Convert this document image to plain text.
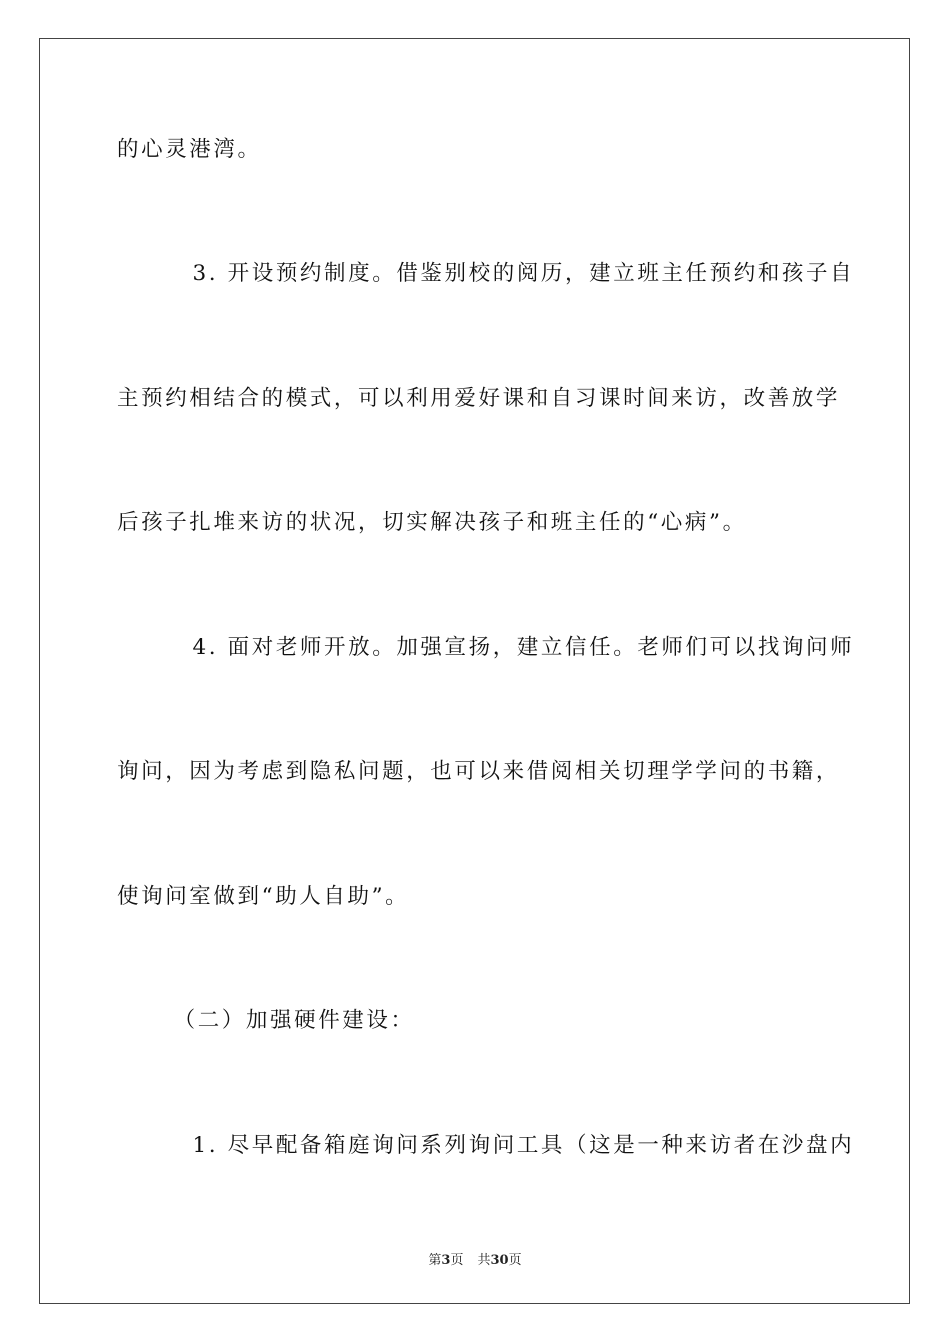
的心灵港湾。

3. 开设预约制度。借鉴别校的阅历，建立班主任预约和孩子自

主预约相结合的模式，可以利用爱好课和自习课时间来访，改善放学

后孩子扎堆来访的状况，切实解决孩子和班主任的“心病”。

4. 面对老师开放。加强宣扬，建立信任。老师们可以找询问师

询问，因为考虑到隐私问题，也可以来借阅相关切理学学问的书籍，

使询问室做到“助人自助”。

（二）加强硬件建设：

1. 尽早配备箱庭询问系列询问工具（这是一种来访者在沙盘内

第3页 共30页
